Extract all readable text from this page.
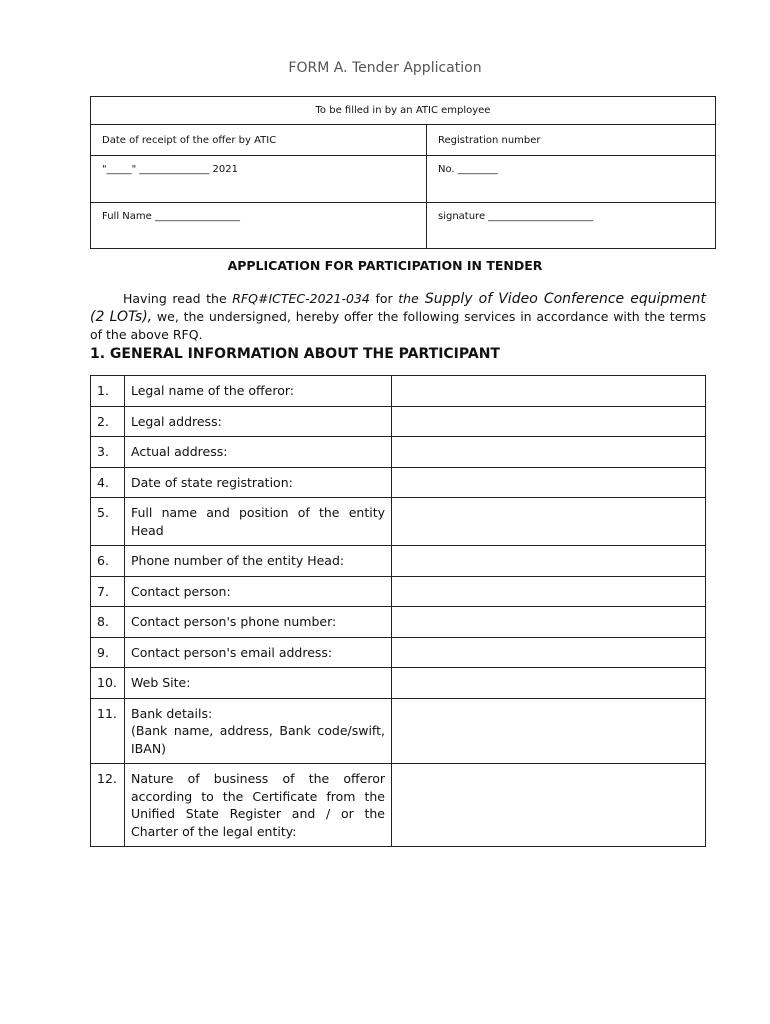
FORM A. Tender Application
To be filled in by an ATIC employee	
Date of receipt of the offer by ATIC	Registration number
"_____" ______________ 2021	No. ________
Full Name _________________	signature _____________________
APPLICATION FOR PARTICIPATION IN TENDER

Having read the RFQ#ICTEC-2021-034 for the Supply of Video Conference equipment (2 LOTs), we, the undersigned, hereby offer the following services in accordance with the terms of the above RFQ.

1. GENERAL INFORMATION ABOUT THE PARTICIPANT
1.	Legal name of the offeror:	
2.	Legal address:	
3.	Actual address:	
4.	Date of state registration:	
5.	Full name and position of the entity Head	
6.	Phone number of the entity Head:	
7.	Contact person:	
8.	Contact person's phone number:	
9.	Contact person's email address:	
10.	Web Site:	
11.	Bank details:
(Bank name, address, Bank code/swift, IBAN)	
12.	Nature of business of the offeror according to the Certificate from the Unified State Register and / or the Charter of the legal entity:	
